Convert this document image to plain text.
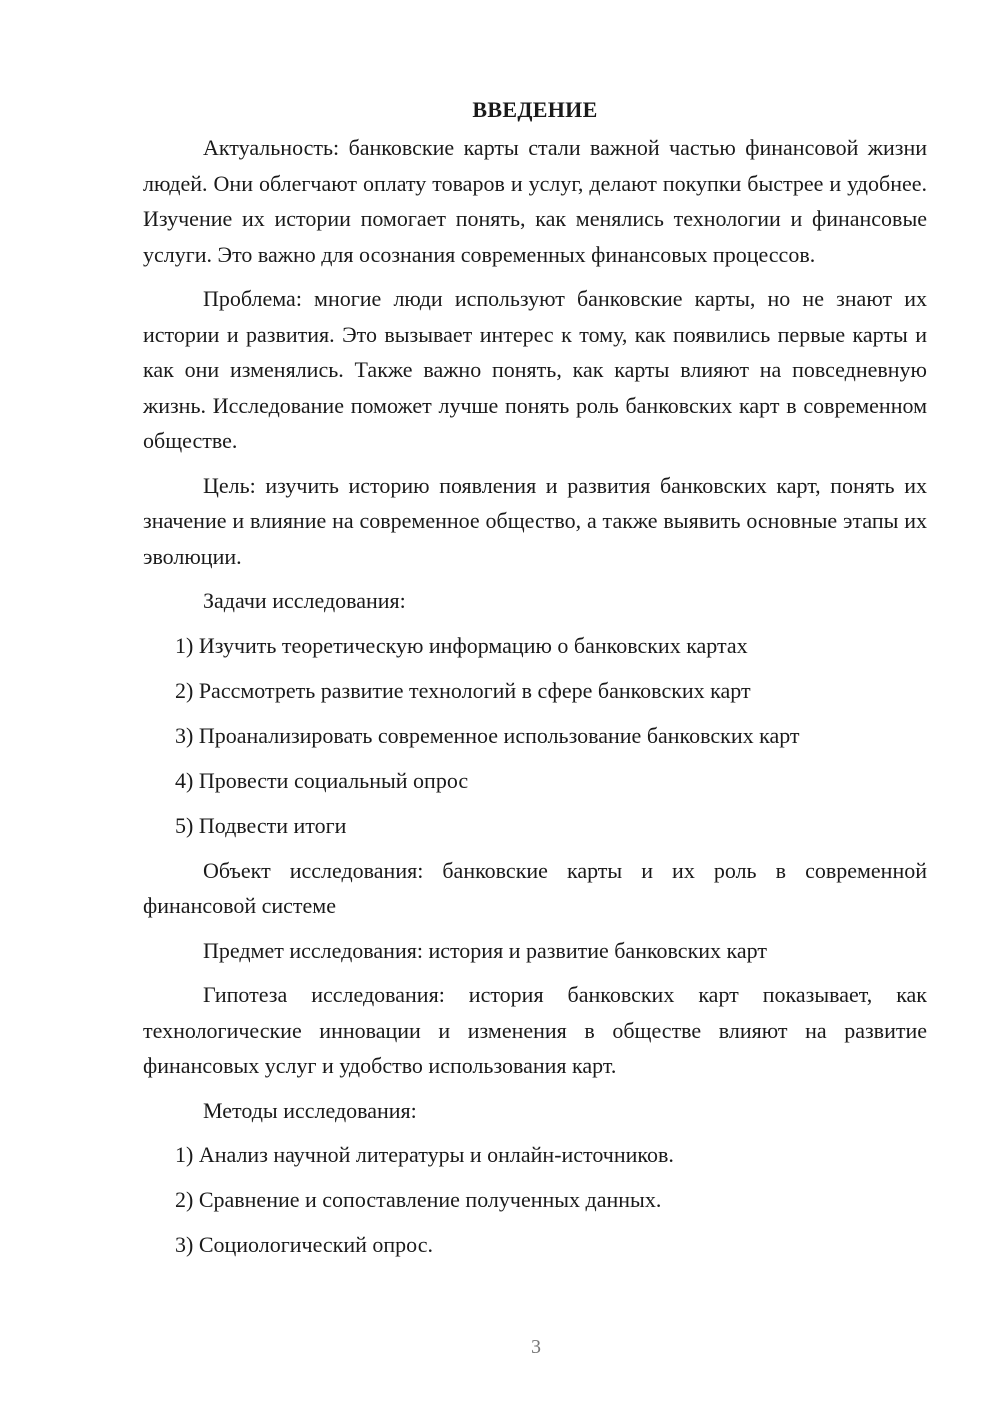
ВВЕДЕНИЕ

Актуальность: банковские карты стали важной частью финансовой жизни людей. Они облегчают оплату товаров и услуг, делают покупки быстрее и удобнее. Изучение их истории помогает понять, как менялись технологии и финансовые услуги. Это важно для осознания современных финансовых процессов.

Проблема: многие люди используют банковские карты, но не знают их истории и развития. Это вызывает интерес к тому, как появились первые карты и как они изменялись. Также важно понять, как карты влияют на повседневную жизнь. Исследование поможет лучше понять роль банковских карт в современном обществе.

Цель: изучить историю появления и развития банковских карт, понять их значение и влияние на современное общество, а также выявить основные этапы их эволюции.

Задачи исследования:

1) Изучить теоретическую информацию о банковских картах
2) Рассмотреть развитие технологий в сфере банковских карт
3) Проанализировать современное использование банковских карт
4) Провести социальный опрос
5) Подвести итоги

Объект исследования: банковские карты и их роль в современной финансовой системе

Предмет исследования: история и развитие банковских карт

Гипотеза исследования: история банковских карт показывает, как технологические инновации и изменения в обществе влияют на развитие финансовых услуг и удобство использования карт.

Методы исследования:

1) Анализ научной литературы и онлайн-источников.
2) Сравнение и сопоставление полученных данных.
3) Социологический опрос.
3
